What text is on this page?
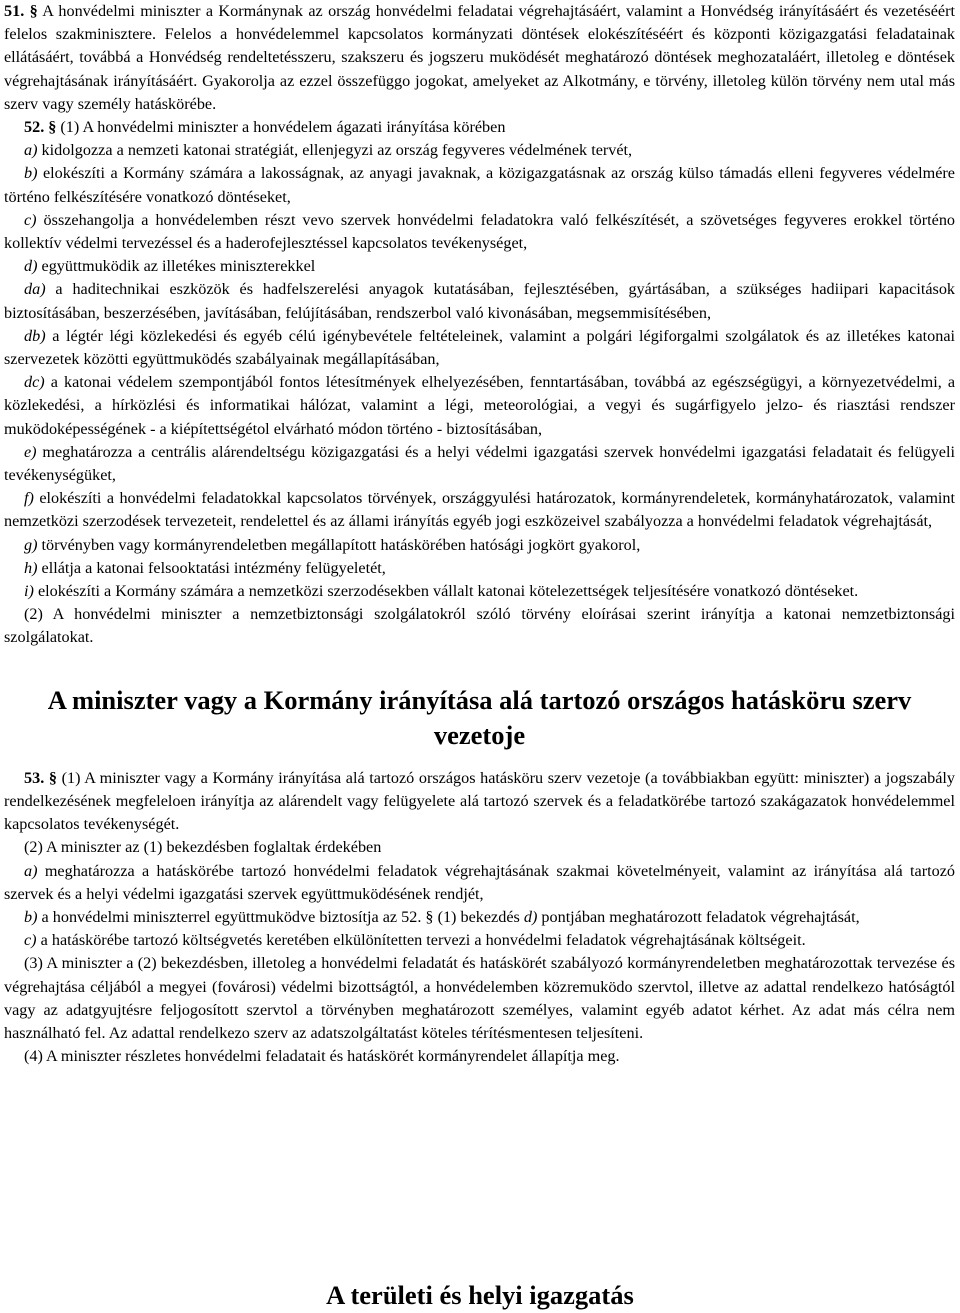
51. § A honvédelmi miniszter a Kormánynak az ország honvédelmi feladatai végrehajtásáért, valamint a Honvédség irányításáért és vezetéséért felelos szakminisztere. Felelos a honvédelemmel kapcsolatos kormányzati döntések elokészítéséért és központi közigazgatási feladatainak ellátásáért, továbbá a Honvédség rendeltetésszeru, szakszeru és jogszeru muködését meghatározó döntések meghozataláért, illetoleg e döntések végrehajtásának irányításáért. Gyakorolja az ezzel összefüggo jogokat, amelyeket az Alkotmány, e törvény, illetoleg külön törvény nem utal más szerv vagy személy hatáskörébe.

52. § (1) A honvédelmi miniszter a honvédelem ágazati irányítása körében

a) kidolgozza a nemzeti katonai stratégiát, ellenjegyzi az ország fegyveres védelmének tervét,

b) elokészíti a Kormány számára a lakosságnak, az anyagi javaknak, a közigazgatásnak az ország külso támadás elleni fegyveres védelmére történo felkészítésére vonatkozó döntéseket,

c) összehangolja a honvédelemben részt vevo szervek honvédelmi feladatokra való felkészítését, a szövetséges fegyveres erokkel történo kollektív védelmi tervezéssel és a haderofejlesztéssel kapcsolatos tevékenységet,

d) együttmuködik az illetékes miniszterekkel

da) a haditechnikai eszközök és hadfelszerelési anyagok kutatásában, fejlesztésében, gyártásában, a szükséges hadiipari kapacitások biztosításában, beszerzésében, javításában, felújításában, rendszerbol való kivonásában, megsemmisítésében,

db) a légtér légi közlekedési és egyéb célú igénybevétele feltételeinek, valamint a polgári légiforgalmi szolgálatok és az illetékes katonai szervezetek közötti együttmuködés szabályainak megállapításában,

dc) a katonai védelem szempontjából fontos létesítmények elhelyezésében, fenntartásában, továbbá az egészségügyi, a környezetvédelmi, a közlekedési, a hírközlési és informatikai hálózat, valamint a légi, meteorológiai, a vegyi és sugárfigyelo jelzo- és riasztási rendszer muködoképességének - a kiépítettségétol elvárható módon történo - biztosításában,

e) meghatározza a centrális alárendeltségu közigazgatási és a helyi védelmi igazgatási szervek honvédelmi igazgatási feladatait és felügyeli tevékenységüket,

f) elokészíti a honvédelmi feladatokkal kapcsolatos törvények, országgyulési határozatok, kormányrendeletek, kormányhatározatok, valamint nemzetközi szerzodések tervezeteit, rendelettel és az állami irányítás egyéb jogi eszközeivel szabályozza a honvédelmi feladatok végrehajtását,

g) törvényben vagy kormányrendeletben megállapított hatáskörében hatósági jogkört gyakorol,

h) ellátja a katonai felsooktatási intézmény felügyeletét,

i) elokészíti a Kormány számára a nemzetközi szerzodésekben vállalt katonai kötelezettségek teljesítésére vonatkozó döntéseket.

(2) A honvédelmi miniszter a nemzetbiztonsági szolgálatokról szóló törvény eloírásai szerint irányítja a katonai nemzetbiztonsági szolgálatokat.

A miniszter vagy a Kormány irányítása alá tartozó országos hatásköru szerv vezetoje

53. § (1) A miniszter vagy a Kormány irányítása alá tartozó országos hatásköru szerv vezetoje (a továbbiakban együtt: miniszter) a jogszabály rendelkezésének megfeleloen irányítja az alárendelt vagy felügyelete alá tartozó szervek és a feladatkörébe tartozó szakágazatok honvédelemmel kapcsolatos tevékenységét.

(2) A miniszter az (1) bekezdésben foglaltak érdekében

a) meghatározza a hatáskörébe tartozó honvédelmi feladatok végrehajtásának szakmai követelményeit, valamint az irányítása alá tartozó szervek és a helyi védelmi igazgatási szervek együttmuködésének rendjét,

b) a honvédelmi miniszterrel együttmuködve biztosítja az 52. § (1) bekezdés d) pontjában meghatározott feladatok végrehajtását,

c) a hatáskörébe tartozó költségvetés keretében elkülönítetten tervezi a honvédelmi feladatok végrehajtásának költségeit.

(3) A miniszter a (2) bekezdésben, illetoleg a honvédelmi feladatát és hatáskörét szabályozó kormányrendeletben meghatározottak tervezése és végrehajtása céljából a megyei (fovárosi) védelmi bizottságtól, a honvédelemben közremuködo szervtol, illetve az adattal rendelkezo hatóságtól vagy az adatgyujtésre feljogosított szervtol a törvényben meghatározott személyes, valamint egyéb adatot kérhet. Az adat más célra nem használható fel. Az adattal rendelkezo szerv az adatszolgáltatást köteles térítésmentesen teljesíteni.

(4) A miniszter részletes honvédelmi feladatait és hatáskörét kormányrendelet állapítja meg.

A területi és helyi igazgatás
